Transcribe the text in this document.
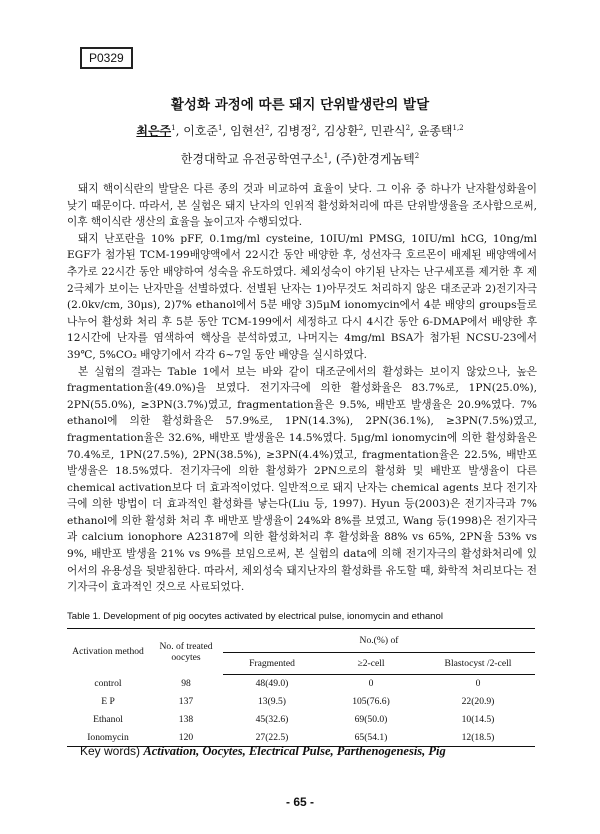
P0329
활성화 과정에 따른 돼지 단위발생란의 발달
최은주$^1$, 이호준$^1$, 임현선$^2$, 김병정$^2$, 김상환$^2$, 민관식$^2$, 윤종택$^{1,2}$
한경대학교 유전공학연구소$^1$, (주)한경게놈텍$^2$

돼지 핵이식란의 발달은 다른 종의 것과 비교하여 효율이 낮다. 그 이유 중 하나가 난자활성화율이 낮기 때문이다. 따라서, 본 실험은 돼지 난자의 인위적 활성화처리에 따른 단위발생율을 조사함으로써, 이후 핵이식란 생산의 효율을 높이고자 수행되었다.

돼지 난포란을 10% pFF, 0.1mg/ml cysteine, 10IU/ml PMSG, 10IU/ml hCG, 10ng/ml EGF가 첨가된 TCM-199배양액에서 22시간 동안 배양한 후, 성선자극 호르몬이 배제된 배양액에서 추가로 22시간 동안 배양하여 성숙을 유도하였다. 체외성숙이 야기된 난자는 난구세포를 제거한 후 제2극체가 보이는 난자만을 선별하였다. 선별된 난자는 1)아무것도 처리하지 않은 대조군과 2)전기자극(2.0kv/cm, 30μs), 2)7% ethanol에서 5분 배양 3)5μM ionomycin에서 4분 배양의 groups들로 나누어 활성화 처리 후 5분 동안 TCM-199에서 세정하고 다시 4시간 동안 6-DMAP에서 배양한 후 12시간에 난자를 염색하여 핵상을 분석하였고, 나머지는 4mg/ml BSA가 첨가된 NCSU-23에서 39℃, 5%CO₂ 배양기에서 각각 6~7일 동안 배양을 실시하였다.

본 실험의 결과는 Table 1에서 보는 바와 같이 대조군에서의 활성화는 보이지 않았으나, 높은 fragmentation율(49.0%)을 보였다. 전기자극에 의한 활성화율은 83.7%로, 1PN(25.0%), 2PN(55.0%), ≥3PN(3.7%)였고, fragmentation율은 9.5%, 배반포 발생율은 20.9%였다. 7% ethanol에 의한 활성화율은 57.9%로, 1PN(14.3%), 2PN(36.1%), ≥3PN(7.5%)였고, fragmentation율은 32.6%, 배반포 발생율은 14.5%였다. 5μg/ml ionomycin에 의한 활성화율은 70.4%로, 1PN(27.5%), 2PN(38.5%), ≥3PN(4.4%)였고, fragmentation율은 22.5%, 배반포 발생율은 18.5%였다. 전기자극에 의한 활성화가 2PN으로의 활성화 및 배반포 발생율이 다른 chemical activation보다 더 효과적이었다. 일반적으로 돼지 난자는 chemical agents 보다 전기자극에 의한 방법이 더 효과적인 활성화를 낳는다(Liu 등, 1997). Hyun 등(2003)은 전기자극과 7% ethanol에 의한 활성화 처리 후 배반포 발생율이 24%와 8%를 보였고, Wang 등(1998)은 전기자극과 calcium ionophore A23187에 의한 활성화처리 후 활성화율 88% vs 65%, 2PN율 53% vs 9%, 배반포 발생율 21% vs 9%를 보임으로써, 본 실험의 data에 의해 전기자극의 활성화처리에 있어서의 유용성을 뒷받침한다. 따라서, 체외성숙 돼지난자의 활성화를 유도할 때, 화학적 처리보다는 전기자극이 효과적인 것으로 사료되었다.

Table 1. Development of pig oocytes activated by electrical pulse, ionomycin and ethanol
Activation method	No. of treated oocytes	No.(%) of		
		Fragmented	≥2-cell	Blastocyst /2-cell
control	98	48(49.0)	0	0
E P	137	13(9.5)	105(76.6)	22(20.9)
Ethanol	138	45(32.6)	69(50.0)	10(14.5)
Ionomycin	120	27(22.5)	65(54.1)	12(18.5)
Key words) Activation, Oocytes, Electrical Pulse, Parthenogenesis, Pig
- 65 -
